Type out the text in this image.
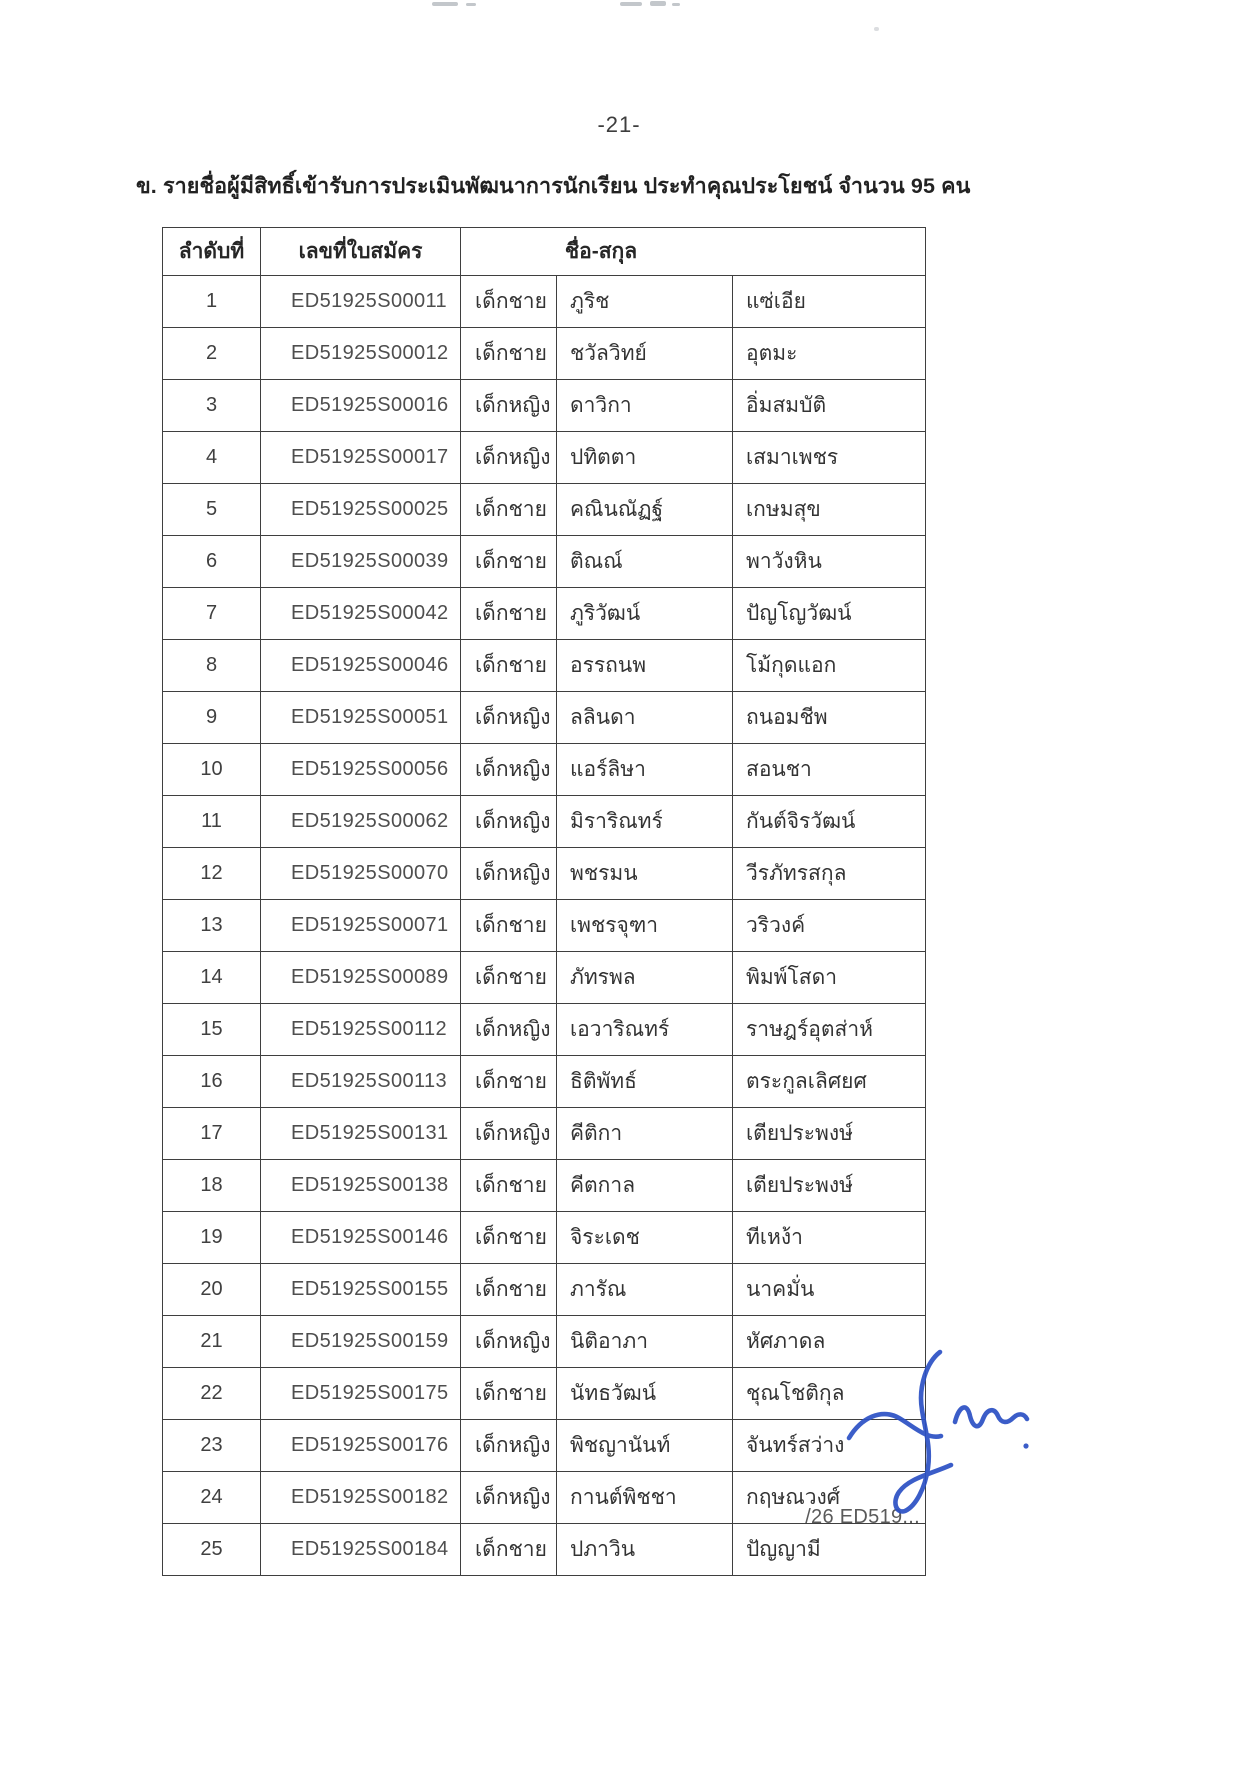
-21-
ข. รายชื่อผู้มีสิทธิ์เข้ารับการประเมินพัฒนาการนักเรียน ประทำคุณประโยชน์ จำนวน 95 คน
ลำดับที่	เลขที่ใบสมัคร	ชื่อ-สกุล		
1	ED51925S00011	เด็กชาย	ภูริช	แซ่เอีย
2	ED51925S00012	เด็กชาย	ชวัลวิทย์	อุตมะ
3	ED51925S00016	เด็กหญิง	ดาวิกา	อิ่มสมบัติ
4	ED51925S00017	เด็กหญิง	ปทิตตา	เสมาเพชร
5	ED51925S00025	เด็กชาย	คณินณัฏฐ์	เกษมสุข
6	ED51925S00039	เด็กชาย	ติณณ์	พาวังหิน
7	ED51925S00042	เด็กชาย	ภูริวัฒน์	ปัญโญวัฒน์
8	ED51925S00046	เด็กชาย	อรรถนพ	โม้กุดแอก
9	ED51925S00051	เด็กหญิง	ลลินดา	ถนอมชีพ
10	ED51925S00056	เด็กหญิง	แอร์ลิษา	สอนชา
11	ED51925S00062	เด็กหญิง	มิราริณทร์	กันต์จิรวัฒน์
12	ED51925S00070	เด็กหญิง	พชรมน	วีรภัทรสกุล
13	ED51925S00071	เด็กชาย	เพชรจุฑา	วริวงค์
14	ED51925S00089	เด็กชาย	ภัทรพล	พิมพ์โสดา
15	ED51925S00112	เด็กหญิง	เอวาริณทร์	ราษฎร์อุตส่าห์
16	ED51925S00113	เด็กชาย	ธิติพัทธ์	ตระกูลเลิศยศ
17	ED51925S00131	เด็กหญิง	คีติกา	เตียประพงษ์
18	ED51925S00138	เด็กชาย	คีตกาล	เตียประพงษ์
19	ED51925S00146	เด็กชาย	จิระเดช	ทีเหง้า
20	ED51925S00155	เด็กชาย	ภารัณ	นาคมั่น
21	ED51925S00159	เด็กหญิง	นิติอาภา	หัศภาดล
22	ED51925S00175	เด็กชาย	นัทธวัฒน์	ชุณโชติกุล
23	ED51925S00176	เด็กหญิง	พิชญานันท์	จันทร์สว่าง
24	ED51925S00182	เด็กหญิง	กานต์พิชชา	กฤษณวงศ์
25	ED51925S00184	เด็กชาย	ปภาวิน	ปัญญามี
/26 ED519...
